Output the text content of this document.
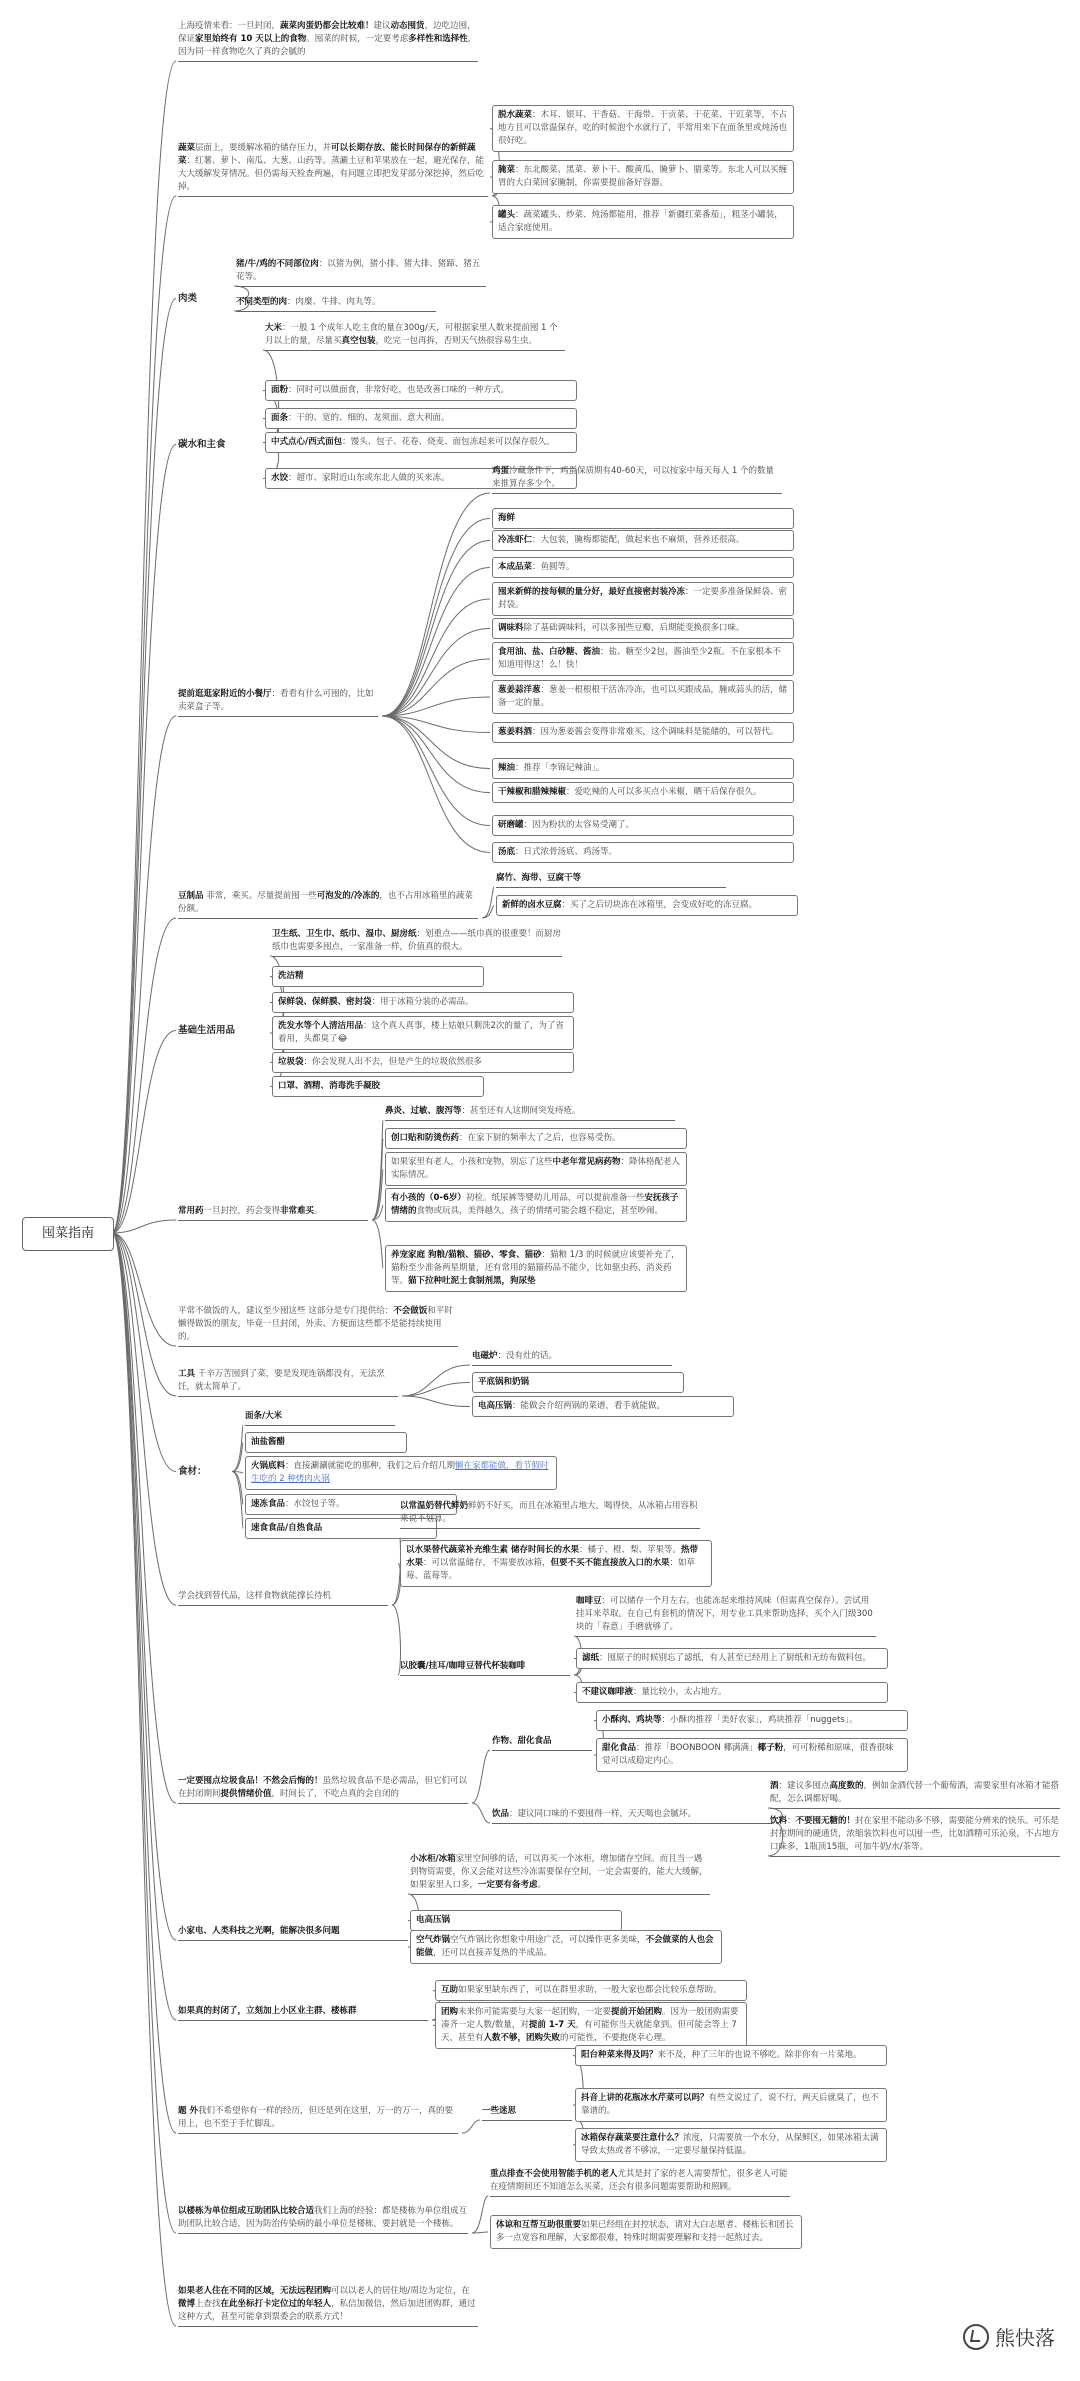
囤菜指南
上海疫情来看：一旦封闭，蔬菜肉蛋奶都会比较难！建议动态囤货，边吃边囤，保证家里始终有 10 天以上的食物。囤菜的时候，一定要考虑多样性和选择性，因为同一样食物吃久了真的会腻的
蔬菜层面上，要缓解冰箱的储存压力，并可以长期存放、能长时间保存的新鲜蔬菜：红薯、萝卜、南瓜、大葱、山药等。蒸涮土豆和苹果放在一起，避光保存，能大大缓解发芽情况。但仍需每天检查两遍，有问题立即把发芽部分深挖掉，然后吃掉。
脱水蔬菜：木耳、银耳、干香菇、干海带、干贡菜、干花菜、干豇菜等，不占地方且可以常温保存，吃的时候泡个水就行了，平常用来下在面条里或炖汤也很好吃。
腌菜：东北酸菜、黑菜、萝卜干、酸黄瓜、腌萝卜、腊菜等。东北人可以买缠胃的大白菜回家腌制，你需要提前备好容器。
罐头：蔬菜罐头、炒菜、炖汤都能用，推荐「新疆红菜番茄」，粗茎小罐装，适合家庭使用。
肉类
猪/牛/鸡的不同部位肉：以猪为例，猪小排、猪大排、猪蹄、猪五花等。
不同类型的肉：肉糜、牛排、肉丸等。
碳水和主食
大米：一般 1 个成年人吃主食的量在300g/天，可根据家里人数来提前囤 1 个月以上的量，尽量买真空包装，吃完一包再拆，否则天气热很容易生虫。
面粉：同时可以做面食，非常好吃，也是改善口味的一种方式。
面条：干的、宽的、细的、龙须面、意大利面。
中式点心/西式面包：馒头、包子、花卷、烧麦、面包冻起来可以保存很久。
水饺：超市、家附近山东或东北人做的买来冻。
提前逛逛家附近的小餐厅：看看有什么可囤的，比如卖菜盒子等。
鸡蛋冷藏条件下，鸡蛋保质期有40-60天，可以按家中每天每人 1 个的数量来推算存多少个。
海鲜
冷冻虾仁：大包装，腌梅都能配，做起来也不麻烦，营养还很高。
本成品菜：鱼圆等。
囤来新鲜的按每顿的量分好，最好直接密封装冷冻：一定要多准备保鲜袋、密封袋。
调味料除了基础调味料，可以多囤些豆瓣，后期能变换很多口味。
食用油、盐、白砂糖、酱油：盐、糖至少2包，酱油至少2瓶。不在家根本不知道用得这！么！快！
葱姜蒜洋葱：葱姜一根根根干活冻冷冻，也可以买跟成品，腌咸蒜头的活，储备一定的量。
葱姜料酒：因为葱姜酱会变得非常难买，这个调味料是能储的，可以替代。
辣油：推荐「李锦记辣油」。
干辣椒和腊辣辣椒：爱吃辣的人可以多买点小米椒，晒干后保存很久。
研磨罐：因为粉状的太容易受潮了。
汤底：日式浓骨汤底、鸡汤等。
豆制品 菲常，乘买。尽量提前囤一些可泡发的/冷冻的，也不占用冰箱里的蔬菜份额。
腐竹、海带、豆腐干等
新鲜的卤水豆腐：买了之后切块冻在冰箱里，会变成好吃的冻豆腐。
基础生活用品
卫生纸、卫生巾、纸巾、湿巾、厨房纸：划重点——纸巾真的很重要！而厨房纸巾也需要多囤点，一家准备一样，价值真的很大。
洗洁精
保鲜袋、保鲜膜、密封袋：用于冰箱分装的必需品。
洗发水等个人清洁用品：这个真人真事，楼上姑娘只剩洗2次的量了，为了省着用，头都臭了😂
垃圾袋：你会发现人出不去，但是产生的垃圾依然很多
口罩、酒精、消毒洗手凝胶
常用药一旦封控，药会变得非常难买。
鼻炎、过敏、腹泻等：甚至还有人这期间突发痔疮。
创口贴和防烫伤药：在家下厨的频率大了之后，也容易受伤。
如果家里有老人，小孩和宠物，别忘了这些中老年常见病药物：降体格配老人实际情况。
有小孩的（0-6岁）初检。纸尿裤等婴幼儿用品，可以提前准备一些安抚孩子情绪的食物或玩具，美得越久，孩子的情绪可能会越不稳定，甚至吵闹。
养宠家庭 狗粮/猫粮、猫砂、零食、猫砂：猫粮 1/3 的时候就应该要补充了，猫粉至少准备两星期量，还有常用的猫猫药品不能少，比如驱虫药、消炎药等。猫下拉种吐泥土食制剂黑，狗尿垫
平常不做饭的人，建议至少囤这些 这部分是专门提供给：不会做饭和平时懒得做饭的朋友，毕竟一旦封闭，外卖、方便面这些都不是能持续使用的。
工具 千辛万苦囤到了菜，要是发现连锅都没有，无法烹饪，就太简单了。
电磁炉：没有灶的话。
平底锅和奶锅
电高压锅：能做会介绍两锅的菜谱，看手就能做。
食材：
面条/大米
油盐酱醋
火锅底料：直接涮涮就能吃的那种，我们之后介绍几期懒在家都能做，看节假时生吃的 2 种烤肉火锅
速冻食品：水饺包子等。
速食食品/自热食品
学会找到替代品，这样食物就能撑长待机
以常温奶替代鲜奶鲜奶不好买，而且在冰箱里占地大，喝得快，从冰箱占用容积来说不划算。
以水果替代蔬菜补充维生素 储存时间长的水果：橘子、橙、梨、苹果等。热带水果：可以常温储存，不需要放冰箱，但要不买不能直接放入口的水果：如草莓、蓝莓等。
咖啡豆：可以储存一个月左右，也能冻起来维持风味（但需真空保存）。尝试用挂耳来萃取。在自己有套机的情况下，用专业工具来帮助选择，买个入门级300块的「春意」手磨就够了。
滤纸：囤原子的时候别忘了滤纸，有人甚至已经用上了厨纸和无纺布做料包。
不建议咖啡液：量比较小，太占地方。
以胶囊/挂耳/咖啡豆替代杯装咖啡
一定要囤点垃圾食品！不然会后悔的！虽然垃圾食品不是必需品，但它们可以在封闭期间提供情绪价值，时间长了，不吃点真的会自闭的
作物、甜化食品
小酥肉、鸡块等：小酥肉推荐「美好农家」，鸡块推荐「nuggets」。
甜化食品：推荐「BOONBOON 椰满满」椰子粉，可可粉稀和原味，很香很味觉可以成稳定内心。
酒：建议多囤点高度数的，例如金酒代替一个葡萄酒，需要家里有冰箱才能搭配，怎么调都好喝。
饮品：建议同口味的不要囤得一样，天天喝也会腻坏。
饮料：不要囤无糖的！封在家里不能动多不够，需要能分辨来的快乐。可乐是封控期间的硬通货，浓缩装饮料也可以囤一些，比如酒精可乐沁泉，不占地方口味多，1瓶顶15瓶，可加牛奶/水/茶等。
小家电、人类科技之光啊，能解决很多问题
小冰柜/冰箱家里空间够的话，可以再买一个冰柜，增加储存空间。而且当一遇到物资需要，你又会能对这些冷冻需要保存空间，一定会需要的，能大大缓解，如果家里人口多，一定要有备考虑。
电高压锅
空气炸锅空气炸锅比你想象中用途广泛，可以操作更多美味，不会做菜的人也会能做，还可以直接弄复热的半成品。
如果真的封闭了，立刻加上小区业主群、楼栋群
互助如果家里缺东西了，可以在群里求助，一般大家也都会比较乐意帮助。
团购未来你可能需要与大家一起团购，一定要提前开始团购。因为一般团购需要凑齐一定人数/数量，对提前 1-7 天，有可能你当天就能拿到。但可能会等上 7 天，甚至有人数不够，团购失败的可能性，不要抱侥幸心理。
题 外我们不希望你有一样的经历，但还是列在这里，万一的万一，真的要用上，也不至于手忙脚乱。
一些迷思
阳台种菜来得及吗？来不及，种了三年的也说不够吃。除非你有一片菜地。
抖音上讲的花瓶冰水芹菜可以吗？有些文说过了，说不行，两天后就臭了，也不靠谱的。
冰箱保存蔬菜要注意什么？浓度，只需要放一个水分，从保鲜区，如果冰箱太满导致太热或者不够凉，一定要尽量保持低温。
以楼栋为单位组成互助团队比较合适我们上海的经验：都是楼栋为单位组成互助团队比较合适，因为防治传染病的最小单位是楼栋，要封就是一个楼栋。
重点排查不会使用智能手机的老人尤其是封了家的老人需要帮忙，很多老人可能在疫情期间还不知道怎么买菜，还会有很多问题需要帮助和照顾。
体谅和互帮互助很重要如果已经组在封控状态，请对大白志愿者、楼栋长和团长多一点宽容和理解，大家都很难，特殊时期需要理解和支持一起熬过去。
如果老人住在不同的区域，无法远程团购可以以老人的居住地/周边为定位，在微博上查找在此坐标打卡定位过的年轻人，私信加微信，然后加进团购群，通过这种方式，甚至可能拿到票委会的联系方式！
熊快落
